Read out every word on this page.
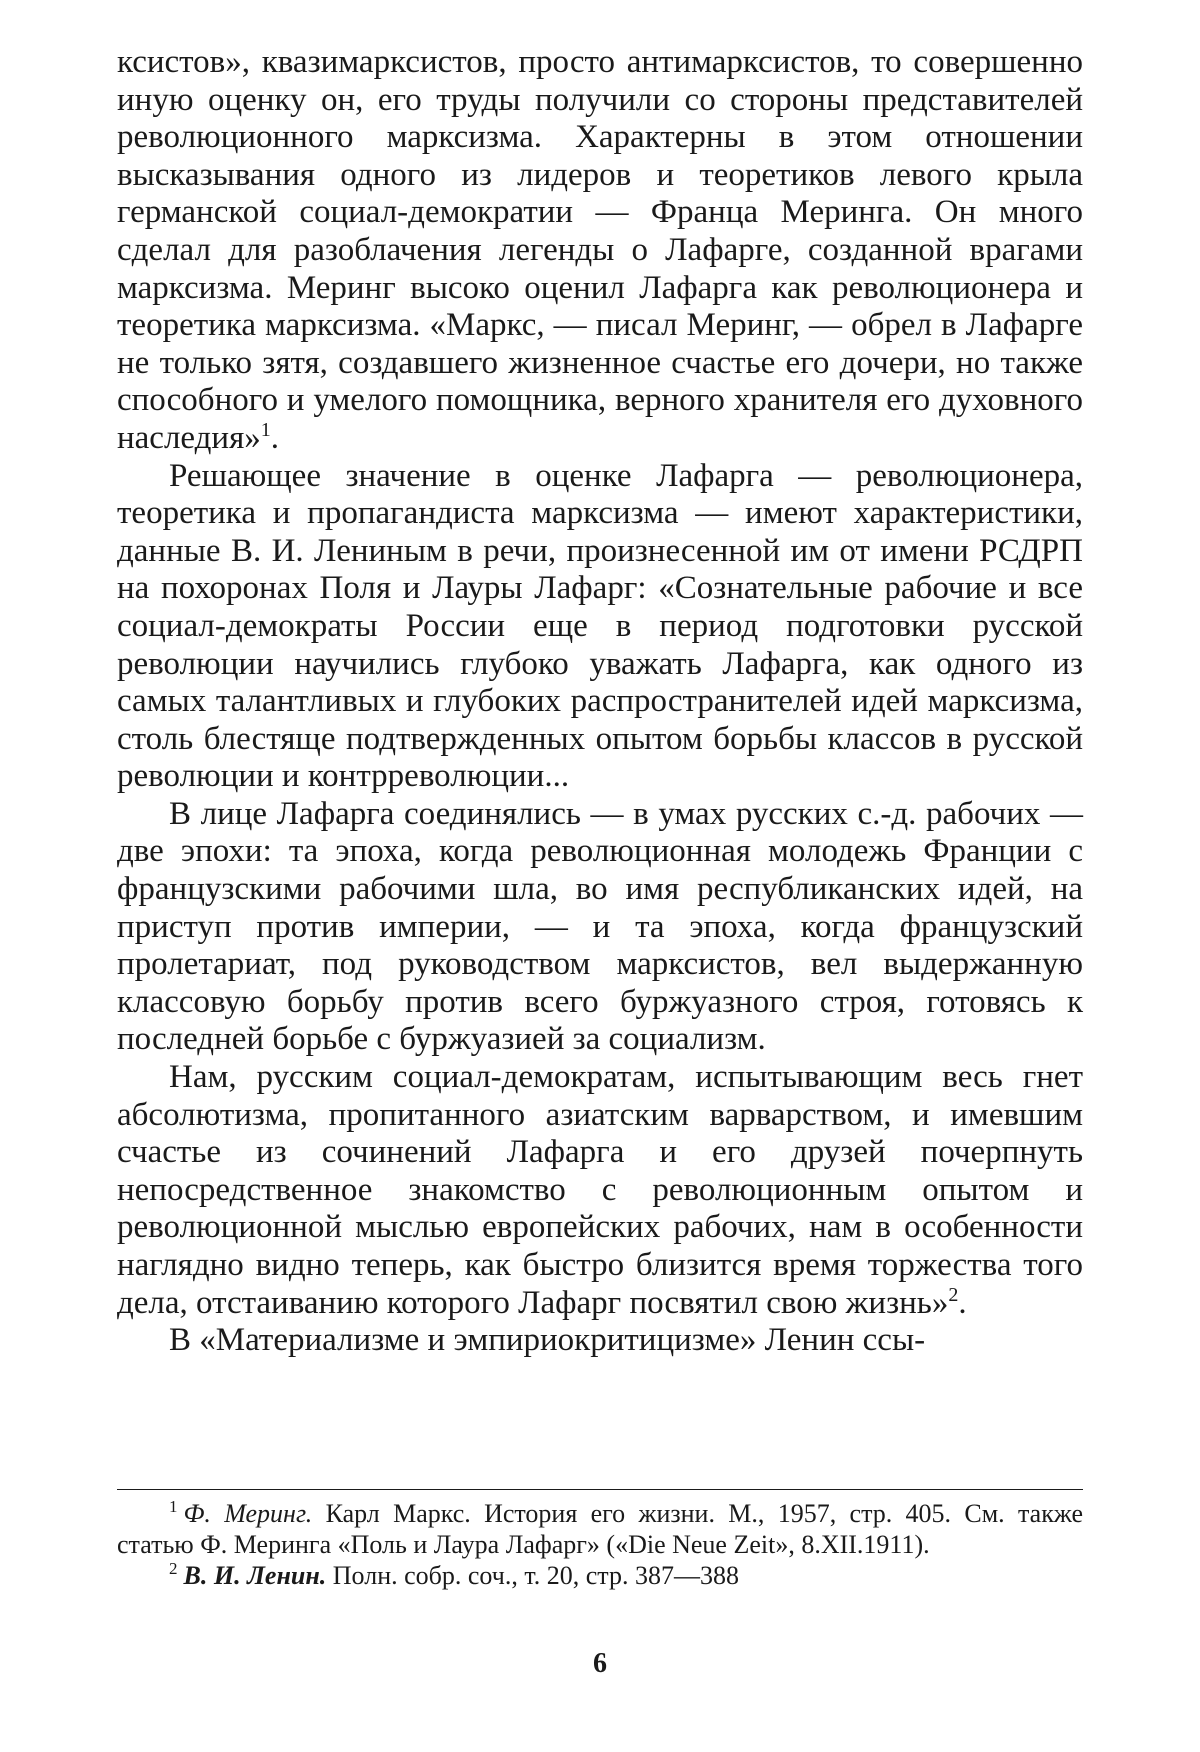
ксистов», квазимарксистов, просто антимарксистов, то совершенно иную оценку он, его труды получили со стороны представителей революционного марксизма. Характерны в этом отношении высказывания одного из лидеров и теоретиков левого крыла германской социал-демократии — Франца Меринга. Он много сделал для разоблачения легенды о Лафарге, созданной врагами марксизма. Меринг высоко оценил Лафарга как революционера и теоретика марксизма. «Маркс, — писал Меринг, — обрел в Лафарге не только зятя, создавшего жизненное счастье его дочери, но также способного и умелого помощника, верного хранителя его духовного наследия»$^1$.

Решающее значение в оценке Лафарга — революционера, теоретика и пропагандиста марксизма — имеют характеристики, данные В. И. Лениным в речи, произнесенной им от имени РСДРП на похоронах Поля и Лауры Лафарг: «Сознательные рабочие и все социал-демократы России еще в период подготовки русской революции научились глубоко уважать Лафарга, как одного из самых талантливых и глубоких распространителей идей марксизма, столь блестяще подтвержденных опытом борьбы классов в русской революции и контрреволюции...

В лице Лафарга соединялись — в умах русских с.-д. рабочих — две эпохи: та эпоха, когда революционная молодежь Франции с французскими рабочими шла, во имя республиканских идей, на приступ против империи, — и та эпоха, когда французский пролетариат, под руководством марксистов, вел выдержанную классовую борьбу против всего буржуазного строя, готовясь к последней борьбе с буржуазией за социализм.

Нам, русским социал-демократам, испытывающим весь гнет абсолютизма, пропитанного азиатским варварством, и имевшим счастье из сочинений Лафарга и его друзей почерпнуть непосредственное знакомство с революционным опытом и революционной мыслью европейских рабочих, нам в особенности наглядно видно теперь, как быстро близится время торжества того дела, отстаиванию которого Лафарг посвятил свою жизнь»$^2$.

В «Материализме и эмпириокритицизме» Ленин ссы-

$^1$ Ф. Меринг. Карл Маркс. История его жизни. М., 1957, стр. 405. См. также статью Ф. Меринга «Поль и Лаура Лафарг» («Die Neue Zeit», 8.XII.1911).

$^2$ В. И. Ленин. Полн. собр. соч., т. 20, стр. 387—388

6
